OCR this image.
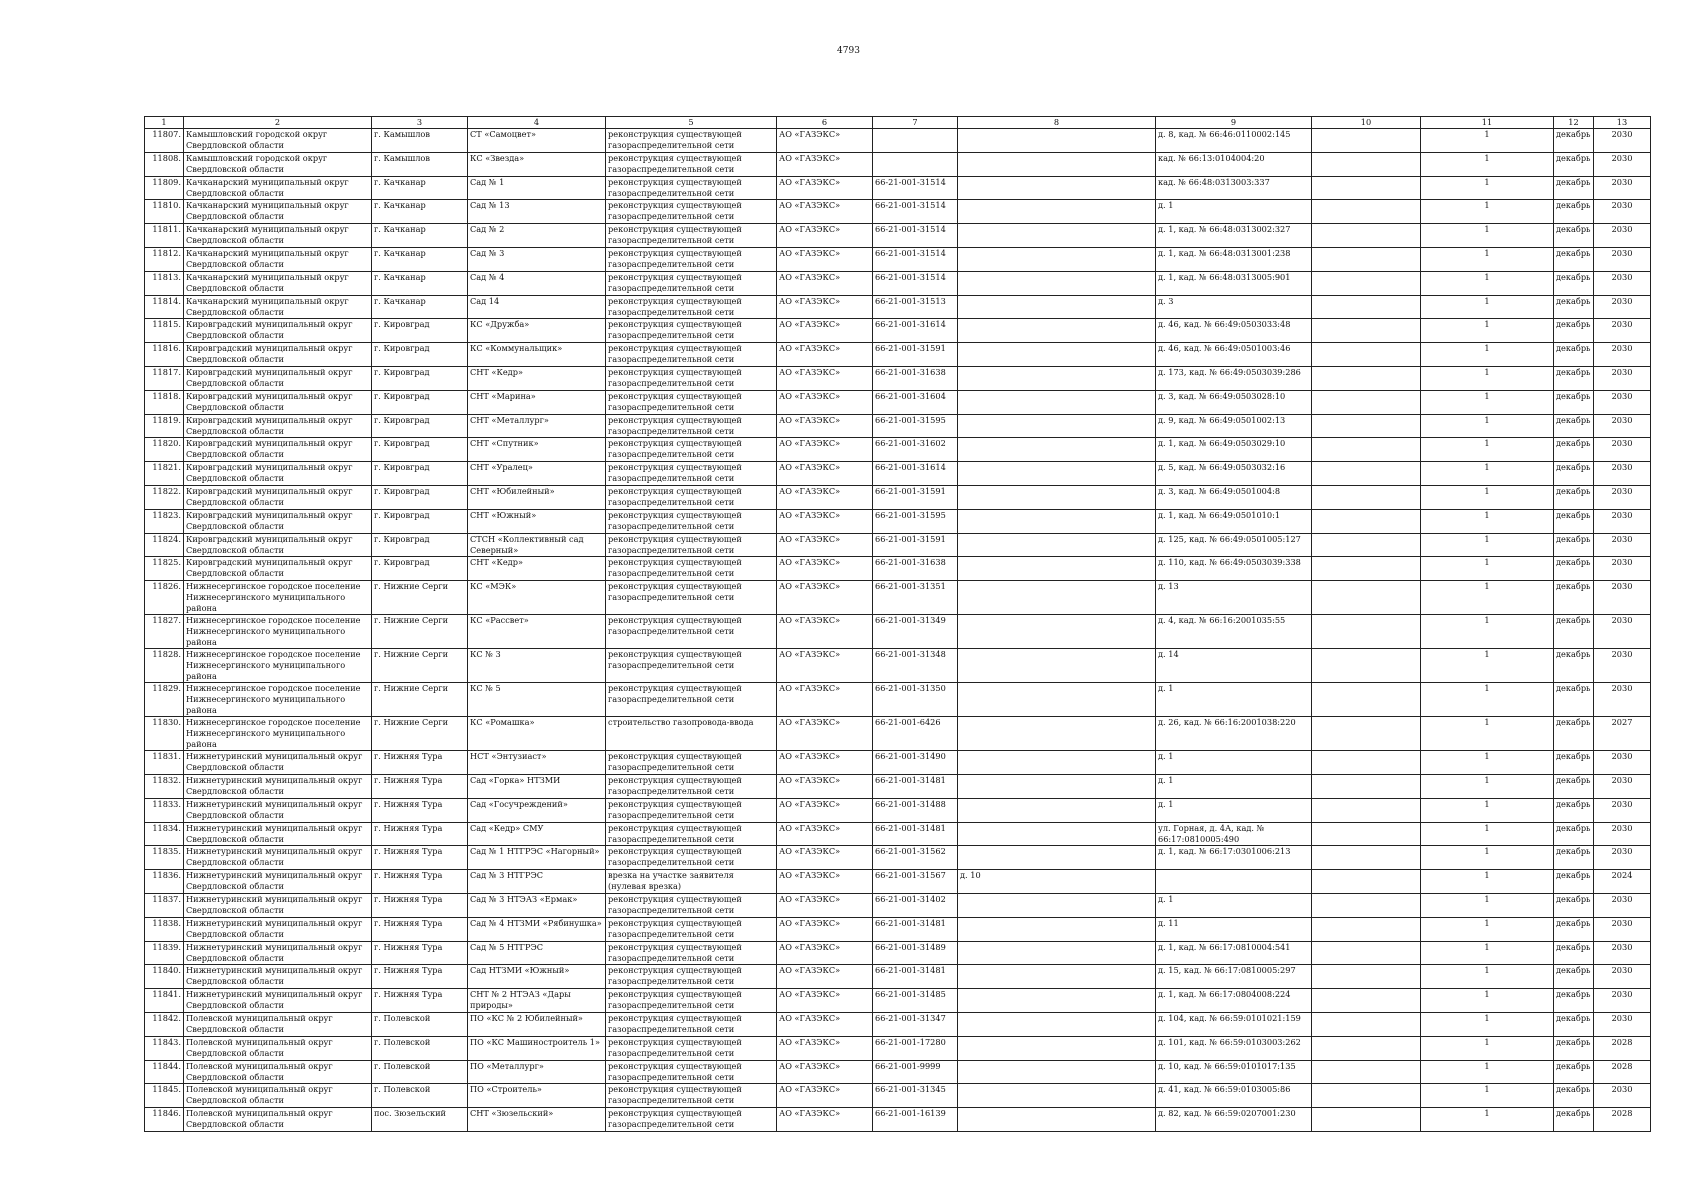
4793
1	2	3	4	5	6	7	8	9	10	11	12	13
11807.	Камышловский городской округ Свердловской области	г. Камышлов	СТ «Самоцвет»	реконструкция существующей газораспределительной сети	АО «ГАЗЭКС»			д. 8, кад. № 66:46:0110002:145		1	декабрь	2030
11808.	Камышловский городской округ Свердловской области	г. Камышлов	КС «Звезда»	реконструкция существующей газораспределительной сети	АО «ГАЗЭКС»			кад. № 66:13:0104004:20		1	декабрь	2030
11809.	Качканарский муниципальный округ Свердловской области	г. Качканар	Сад № 1	реконструкция существующей газораспределительной сети	АО «ГАЗЭКС»	66-21-001-31514		кад. № 66:48:0313003:337		1	декабрь	2030
11810.	Качканарский муниципальный округ Свердловской области	г. Качканар	Сад № 13	реконструкция существующей газораспределительной сети	АО «ГАЗЭКС»	66-21-001-31514		д. 1		1	декабрь	2030
11811.	Качканарский муниципальный округ Свердловской области	г. Качканар	Сад № 2	реконструкция существующей газораспределительной сети	АО «ГАЗЭКС»	66-21-001-31514		д. 1, кад. № 66:48:0313002:327		1	декабрь	2030
11812.	Качканарский муниципальный округ Свердловской области	г. Качканар	Сад № 3	реконструкция существующей газораспределительной сети	АО «ГАЗЭКС»	66-21-001-31514		д. 1, кад. № 66:48:0313001:238		1	декабрь	2030
11813.	Качканарский муниципальный округ Свердловской области	г. Качканар	Сад № 4	реконструкция существующей газораспределительной сети	АО «ГАЗЭКС»	66-21-001-31514		д. 1, кад. № 66:48:0313005:901		1	декабрь	2030
11814.	Качканарский муниципальный округ Свердловской области	г. Качканар	Сад 14	реконструкция существующей газораспределительной сети	АО «ГАЗЭКС»	66-21-001-31513		д. 3		1	декабрь	2030
11815.	Кировградский муниципальный округ Свердловской области	г. Кировград	КС «Дружба»	реконструкция существующей газораспределительной сети	АО «ГАЗЭКС»	66-21-001-31614		д. 46, кад. № 66:49:0503033:48		1	декабрь	2030
11816.	Кировградский муниципальный округ Свердловской области	г. Кировград	КС «Коммунальщик»	реконструкция существующей газораспределительной сети	АО «ГАЗЭКС»	66-21-001-31591		д. 46, кад. № 66:49:0501003:46		1	декабрь	2030
11817.	Кировградский муниципальный округ Свердловской области	г. Кировград	СНТ «Кедр»	реконструкция существующей газораспределительной сети	АО «ГАЗЭКС»	66-21-001-31638		д. 173, кад. № 66:49:0503039:286		1	декабрь	2030
11818.	Кировградский муниципальный округ Свердловской области	г. Кировград	СНТ «Марина»	реконструкция существующей газораспределительной сети	АО «ГАЗЭКС»	66-21-001-31604		д. 3, кад. № 66:49:0503028:10		1	декабрь	2030
11819.	Кировградский муниципальный округ Свердловской области	г. Кировград	СНТ «Металлург»	реконструкция существующей газораспределительной сети	АО «ГАЗЭКС»	66-21-001-31595		д. 9, кад. № 66:49:0501002:13		1	декабрь	2030
11820.	Кировградский муниципальный округ Свердловской области	г. Кировград	СНТ «Спутник»	реконструкция существующей газораспределительной сети	АО «ГАЗЭКС»	66-21-001-31602		д. 1, кад. № 66:49:0503029:10		1	декабрь	2030
11821.	Кировградский муниципальный округ Свердловской области	г. Кировград	СНТ «Уралец»	реконструкция существующей газораспределительной сети	АО «ГАЗЭКС»	66-21-001-31614		д. 5, кад. № 66:49:0503032:16		1	декабрь	2030
11822.	Кировградский муниципальный округ Свердловской области	г. Кировград	СНТ «Юбилейный»	реконструкция существующей газораспределительной сети	АО «ГАЗЭКС»	66-21-001-31591		д. 3, кад. № 66:49:0501004:8		1	декабрь	2030
11823.	Кировградский муниципальный округ Свердловской области	г. Кировград	СНТ «Южный»	реконструкция существующей газораспределительной сети	АО «ГАЗЭКС»	66-21-001-31595		д. 1, кад. № 66:49:0501010:1		1	декабрь	2030
11824.	Кировградский муниципальный округ Свердловской области	г. Кировград	СТСН «Коллективный сад Северный»	реконструкция существующей газораспределительной сети	АО «ГАЗЭКС»	66-21-001-31591		д. 125, кад. № 66:49:0501005:127		1	декабрь	2030
11825.	Кировградский муниципальный округ Свердловской области	г. Кировград	СНТ «Кедр»	реконструкция существующей газораспределительной сети	АО «ГАЗЭКС»	66-21-001-31638		д. 110, кад. № 66:49:0503039:338		1	декабрь	2030
11826.	Нижнесергинское городское поселение Нижнесергинского муниципального района	г. Нижние Серги	КС «МЭК»	реконструкция существующей газораспределительной сети	АО «ГАЗЭКС»	66-21-001-31351		д. 13		1	декабрь	2030
11827.	Нижнесергинское городское поселение Нижнесергинского муниципального района	г. Нижние Серги	КС «Рассвет»	реконструкция существующей газораспределительной сети	АО «ГАЗЭКС»	66-21-001-31349		д. 4, кад. № 66:16:2001035:55		1	декабрь	2030
11828.	Нижнесергинское городское поселение Нижнесергинского муниципального района	г. Нижние Серги	КС № 3	реконструкция существующей газораспределительной сети	АО «ГАЗЭКС»	66-21-001-31348		д. 14		1	декабрь	2030
11829.	Нижнесергинское городское поселение Нижнесергинского муниципального района	г. Нижние Серги	КС № 5	реконструкция существующей газораспределительной сети	АО «ГАЗЭКС»	66-21-001-31350		д. 1		1	декабрь	2030
11830.	Нижнесергинское городское поселение Нижнесергинского муниципального района	г. Нижние Серги	КС «Ромашка»	строительство газопровода-ввода	АО «ГАЗЭКС»	66-21-001-6426		д. 26, кад. № 66:16:2001038:220		1	декабрь	2027
11831.	Нижнетуринский муниципальный округ Свердловской области	г. Нижняя Тура	НСТ «Энтузиаст»	реконструкция существующей газораспределительной сети	АО «ГАЗЭКС»	66-21-001-31490		д. 1		1	декабрь	2030
11832.	Нижнетуринский муниципальный округ Свердловской области	г. Нижняя Тура	Сад «Горка» НТЗМИ	реконструкция существующей газораспределительной сети	АО «ГАЗЭКС»	66-21-001-31481		д. 1		1	декабрь	2030
11833.	Нижнетуринский муниципальный округ Свердловской области	г. Нижняя Тура	Сад «Госучреждений»	реконструкция существующей газораспределительной сети	АО «ГАЗЭКС»	66-21-001-31488		д. 1		1	декабрь	2030
11834.	Нижнетуринский муниципальный округ Свердловской области	г. Нижняя Тура	Сад «Кедр» СМУ	реконструкция существующей газораспределительной сети	АО «ГАЗЭКС»	66-21-001-31481		ул. Горная, д. 4А, кад. № 66:17:0810005:490		1	декабрь	2030
11835.	Нижнетуринский муниципальный округ Свердловской области	г. Нижняя Тура	Сад № 1 НТГРЭС «Нагорный»	реконструкция существующей газораспределительной сети	АО «ГАЗЭКС»	66-21-001-31562		д. 1, кад. № 66:17:0301006:213		1	декабрь	2030
11836.	Нижнетуринский муниципальный округ Свердловской области	г. Нижняя Тура	Сад № 3 НТГРЭС	врезка на участке заявителя (нулевая врезка)	АО «ГАЗЭКС»	66-21-001-31567	д. 10			1	декабрь	2024
11837.	Нижнетуринский муниципальный округ Свердловской области	г. Нижняя Тура	Сад № 3 НТЭАЗ «Ермак»	реконструкция существующей газораспределительной сети	АО «ГАЗЭКС»	66-21-001-31402		д. 1		1	декабрь	2030
11838.	Нижнетуринский муниципальный округ Свердловской области	г. Нижняя Тура	Сад № 4 НТЗМИ «Рябинушка»	реконструкция существующей газораспределительной сети	АО «ГАЗЭКС»	66-21-001-31481		д. 11		1	декабрь	2030
11839.	Нижнетуринский муниципальный округ Свердловской области	г. Нижняя Тура	Сад № 5 НТГРЭС	реконструкция существующей газораспределительной сети	АО «ГАЗЭКС»	66-21-001-31489		д. 1, кад. № 66:17:0810004:541		1	декабрь	2030
11840.	Нижнетуринский муниципальный округ Свердловской области	г. Нижняя Тура	Сад НТЗМИ «Южный»	реконструкция существующей газораспределительной сети	АО «ГАЗЭКС»	66-21-001-31481		д. 15, кад. № 66:17:0810005:297		1	декабрь	2030
11841.	Нижнетуринский муниципальный округ Свердловской области	г. Нижняя Тура	СНТ № 2 НТЭАЗ «Дары природы»	реконструкция существующей газораспределительной сети	АО «ГАЗЭКС»	66-21-001-31485		д. 1, кад. № 66:17:0804008:224		1	декабрь	2030
11842.	Полевской муниципальный округ Свердловской области	г. Полевской	ПО «КС № 2 Юбилейный»	реконструкция существующей газораспределительной сети	АО «ГАЗЭКС»	66-21-001-31347		д. 104, кад. № 66:59:0101021:159		1	декабрь	2030
11843.	Полевской муниципальный округ Свердловской области	г. Полевской	ПО «КС Машиностроитель 1»	реконструкция существующей газораспределительной сети	АО «ГАЗЭКС»	66-21-001-17280		д. 101, кад. № 66:59:0103003:262		1	декабрь	2028
11844.	Полевской муниципальный округ Свердловской области	г. Полевской	ПО «Металлург»	реконструкция существующей газораспределительной сети	АО «ГАЗЭКС»	66-21-001-9999		д. 10, кад. № 66:59:0101017:135		1	декабрь	2028
11845.	Полевской муниципальный округ Свердловской области	г. Полевской	ПО «Строитель»	реконструкция существующей газораспределительной сети	АО «ГАЗЭКС»	66-21-001-31345		д. 41, кад. № 66:59:0103005:86		1	декабрь	2030
11846.	Полевской муниципальный округ Свердловской области	пос. Зюзельский	СНТ «Зюзельский»	реконструкция существующей газораспределительной сети	АО «ГАЗЭКС»	66-21-001-16139		д. 82, кад. № 66:59:0207001:230		1	декабрь	2028
